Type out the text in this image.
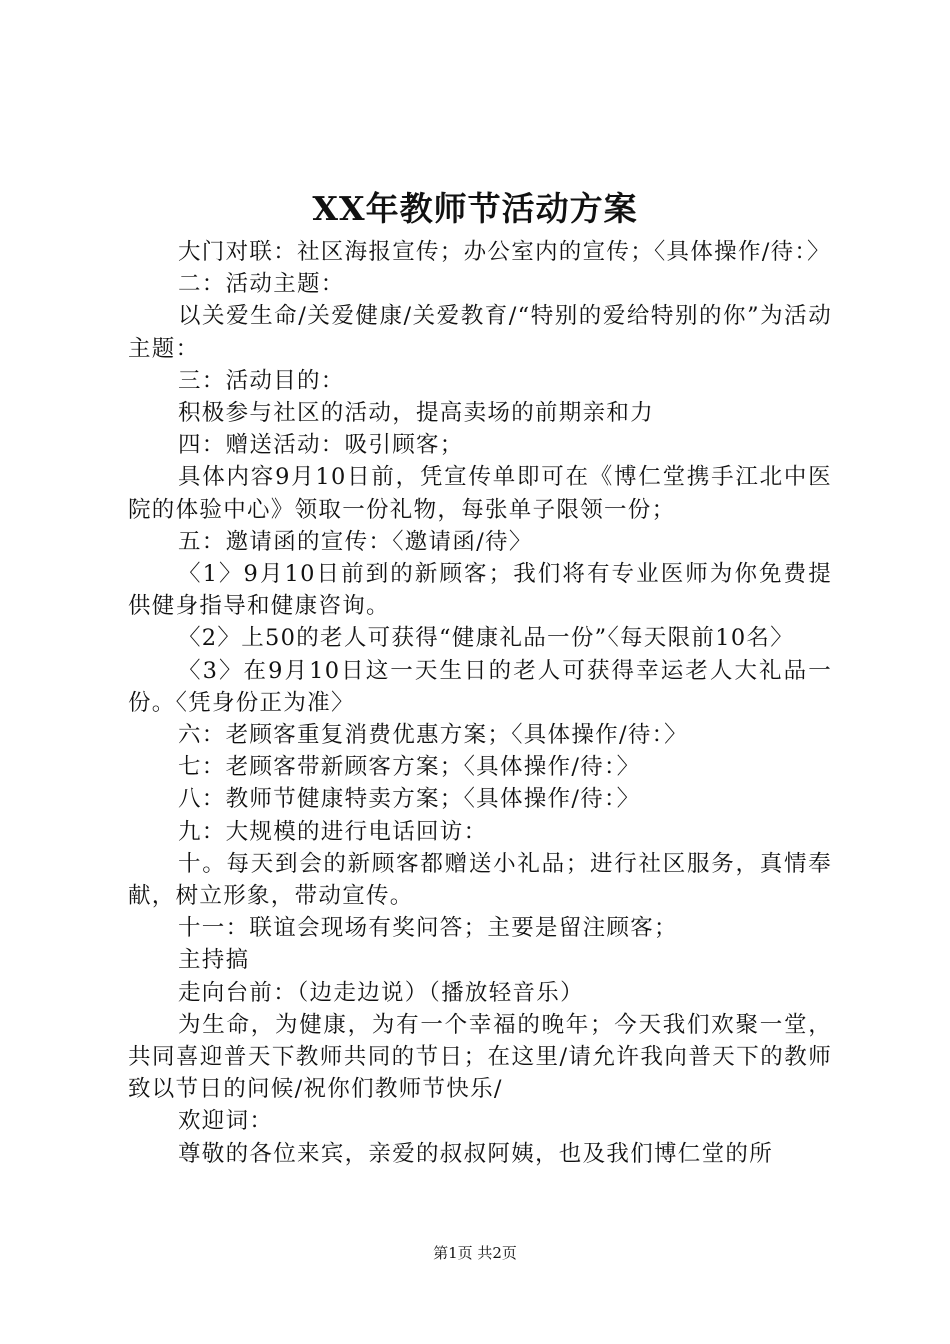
XX年教师节活动方案

大门对联：社区海报宣传；办公室内的宣传；〈具体操作/待：〉

二：活动主题：

以关爱生命/关爱健康/关爱教育/“特别的爱给特别的你”为活动主题：

三：活动目的：

积极参与社区的活动，提高卖场的前期亲和力

四：赠送活动：吸引顾客；

具体内容9月10日前，凭宣传单即可在《博仁堂携手江北中医院的体验中心》领取一份礼物，每张单子限领一份；

五：邀请函的宣传：〈邀请函/待〉

〈1〉9月10日前到的新顾客；我们将有专业医师为你免费提供健身指导和健康咨询。

〈2〉上50的老人可获得“健康礼品一份”〈每天限前10名〉

〈3〉在9月10日这一天生日的老人可获得幸运老人大礼品一份。〈凭身份正为准〉

六：老顾客重复消费优惠方案；〈具体操作/待：〉

七：老顾客带新顾客方案；〈具体操作/待：〉

八：教师节健康特卖方案；〈具体操作/待：〉

九：大规模的进行电话回访：

十。每天到会的新顾客都赠送小礼品；进行社区服务，真情奉献，树立形象，带动宣传。

十一：联谊会现场有奖问答；主要是留注顾客；

主持搞

走向台前：（边走边说）（播放轻音乐）

为生命，为健康，为有一个幸福的晚年；今天我们欢聚一堂，共同喜迎普天下教师共同的节日；在这里/请允许我向普天下的教师致以节日的问候/祝你们教师节快乐/

欢迎词：

尊敬的各位来宾，亲爱的叔叔阿姨，也及我们博仁堂的所

第1页 共2页
